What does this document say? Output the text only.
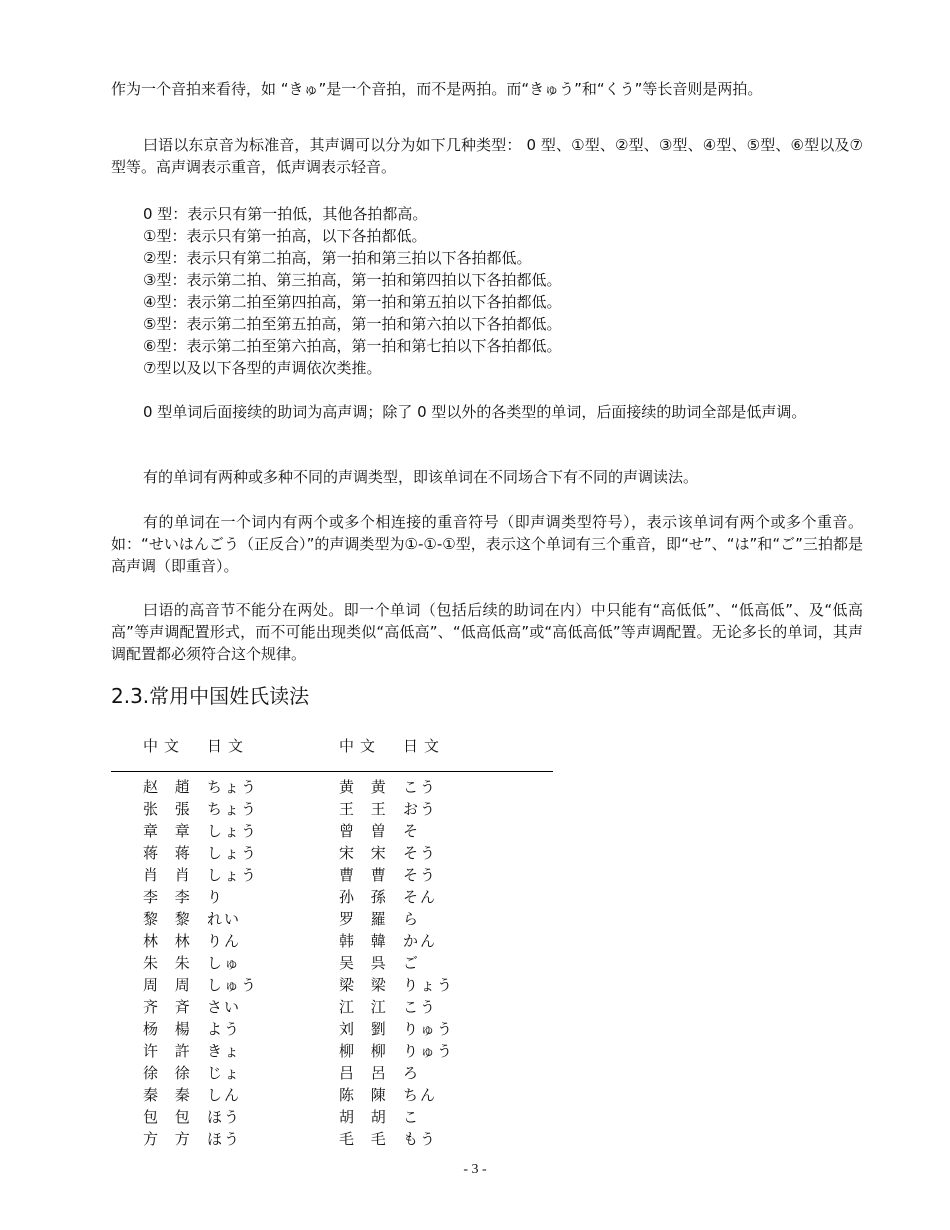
作为一个音拍来看待，如 “きゅ”是一个音拍，而不是两拍。而“きゅう”和“くう”等长音则是两拍。
曰语以东京音为标准音，其声调可以分为如下几种类型： 0 型、①型、②型、③型、④型、⑤型、⑥型以及⑦型等。高声调表示重音，低声调表示轻音。
0 型：表示只有第一拍低，其他各拍都高。
①型：表示只有第一拍高，以下各拍都低。
②型：表示只有第二拍高，第一拍和第三拍以下各拍都低。
③型：表示第二拍、第三拍高，第一拍和第四拍以下各拍都低。
④型：表示第二拍至第四拍高，第一拍和第五拍以下各拍都低。
⑤型：表示第二拍至第五拍高，第一拍和第六拍以下各拍都低。
⑥型：表示第二拍至第六拍高，第一拍和第七拍以下各拍都低。
⑦型以及以下各型的声调依次类推。
0 型单词后面接续的助词为高声调；除了 0 型以外的各类型的单词，后面接续的助词全部是低声调。
有的单词有两种或多种不同的声调类型，即该单词在不同场合下有不同的声调读法。
有的单词在一个词内有两个或多个相连接的重音符号（即声调类型符号），表示该单词有两个或多个重音。如：“せいはんごう（正反合）”的声调类型为①-①-①型，表示这个单词有三个重音，即“せ”、“は”和“ご”三拍都是高声调（即重音）。
曰语的高音节不能分在两处。即一个单词（包括后续的助词在内）中只能有“高低低”、“低高低”、及“低高高”等声调配置形式，而不可能出现类似“高低高”、“低高低高”或“高低高低”等声调配置。无论多长的单词，其声调配置都必须符合这个规律。
2.3.常用中国姓氏读法
中文 日文	中文 日文
赵 趙 ちょう
张 張 ちょう
章 章 しょう
蒋 蒋 しょう
肖 肖 しょう
李 李 り
黎 黎 れい
林 林 りん
朱 朱 しゅ
周 周 しゅう
齐 斉 さい
杨 楊 よう
许 許 きょ
徐 徐 じょ
秦 秦 しん
包 包 ほう
方 方 ほう
黄 黄 こう
王 王 おう
曾 曽 そ
宋 宋 そう
曹 曹 そう
孙 孫 そん
罗 羅 ら
韩 韓 かん
吴 呉 ご
梁 梁 りょう
江 江 こう
刘 劉 りゅう
柳 柳 りゅう
吕 呂 ろ
陈 陳 ちん
胡 胡 こ
毛 毛 もう
- 3 -
